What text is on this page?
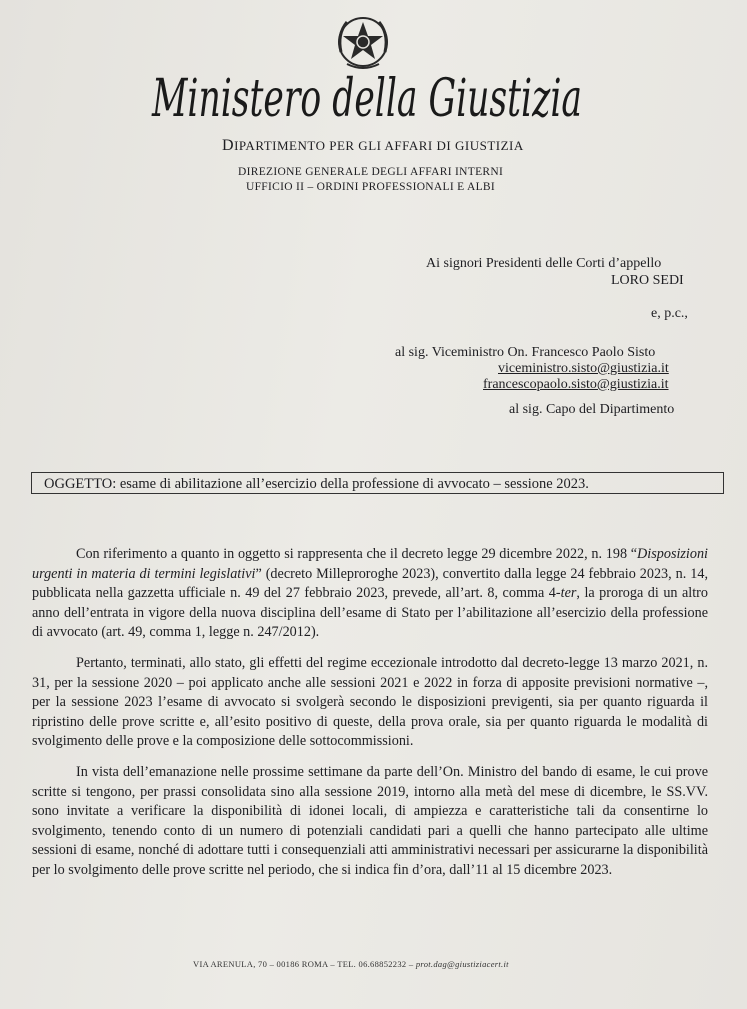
Ministero della Giustizia
DIPARTIMENTO PER GLI AFFARI DI GIUSTIZIA
DIREZIONE GENERALE DEGLI AFFARI INTERNI
UFFICIO II – ORDINI PROFESSIONALI E ALBI
Ai signori Presidenti delle Corti d’appello
LORO SEDI
e, p.c.,
al sig. Viceministro On. Francesco Paolo Sisto
viceministro.sisto@giustizia.it
francescopaolo.sisto@giustizia.it
al sig. Capo del Dipartimento
OGGETTO: esame di abilitazione all’esercizio della professione di avvocato – sessione 2023.

Con riferimento a quanto in oggetto si rappresenta che il decreto legge 29 dicembre 2022, n. 198 “Disposizioni urgenti in materia di termini legislativi” (decreto Milleproroghe 2023), convertito dalla legge 24 febbraio 2023, n. 14, pubblicata nella gazzetta ufficiale n. 49 del 27 febbraio 2023, prevede, all’art. 8, comma 4-ter, la proroga di un altro anno dell’entrata in vigore della nuova disciplina dell’esame di Stato per l’abilitazione all’esercizio della professione di avvocato (art. 49, comma 1, legge n. 247/2012).

Pertanto, terminati, allo stato, gli effetti del regime eccezionale introdotto dal decreto-legge 13 marzo 2021, n. 31, per la sessione 2020 – poi applicato anche alle sessioni 2021 e 2022 in forza di apposite previsioni normative –, per la sessione 2023 l’esame di avvocato si svolgerà secondo le disposizioni previgenti, sia per quanto riguarda il ripristino delle prove scritte e, all’esito positivo di queste, della prova orale, sia per quanto riguarda le modalità di svolgimento delle prove e la composizione delle sottocommissioni.

In vista dell’emanazione nelle prossime settimane da parte dell’On. Ministro del bando di esame, le cui prove scritte si tengono, per prassi consolidata sino alla sessione 2019, intorno alla metà del mese di dicembre, le SS.VV. sono invitate a verificare la disponibilità di idonei locali, di ampiezza e caratteristiche tali da consentirne lo svolgimento, tenendo conto di un numero di potenziali candidati pari a quelli che hanno partecipato alle ultime sessioni di esame, nonché di adottare tutti i consequenziali atti amministrativi necessari per assicurarne la disponibilità per lo svolgimento delle prove scritte nel periodo, che si indica fin d’ora, dall’11 al 15 dicembre 2023.

VIA ARENULA, 70 – 00186 ROMA – TEL. 06.68852232 – prot.dag@giustiziacert.it
